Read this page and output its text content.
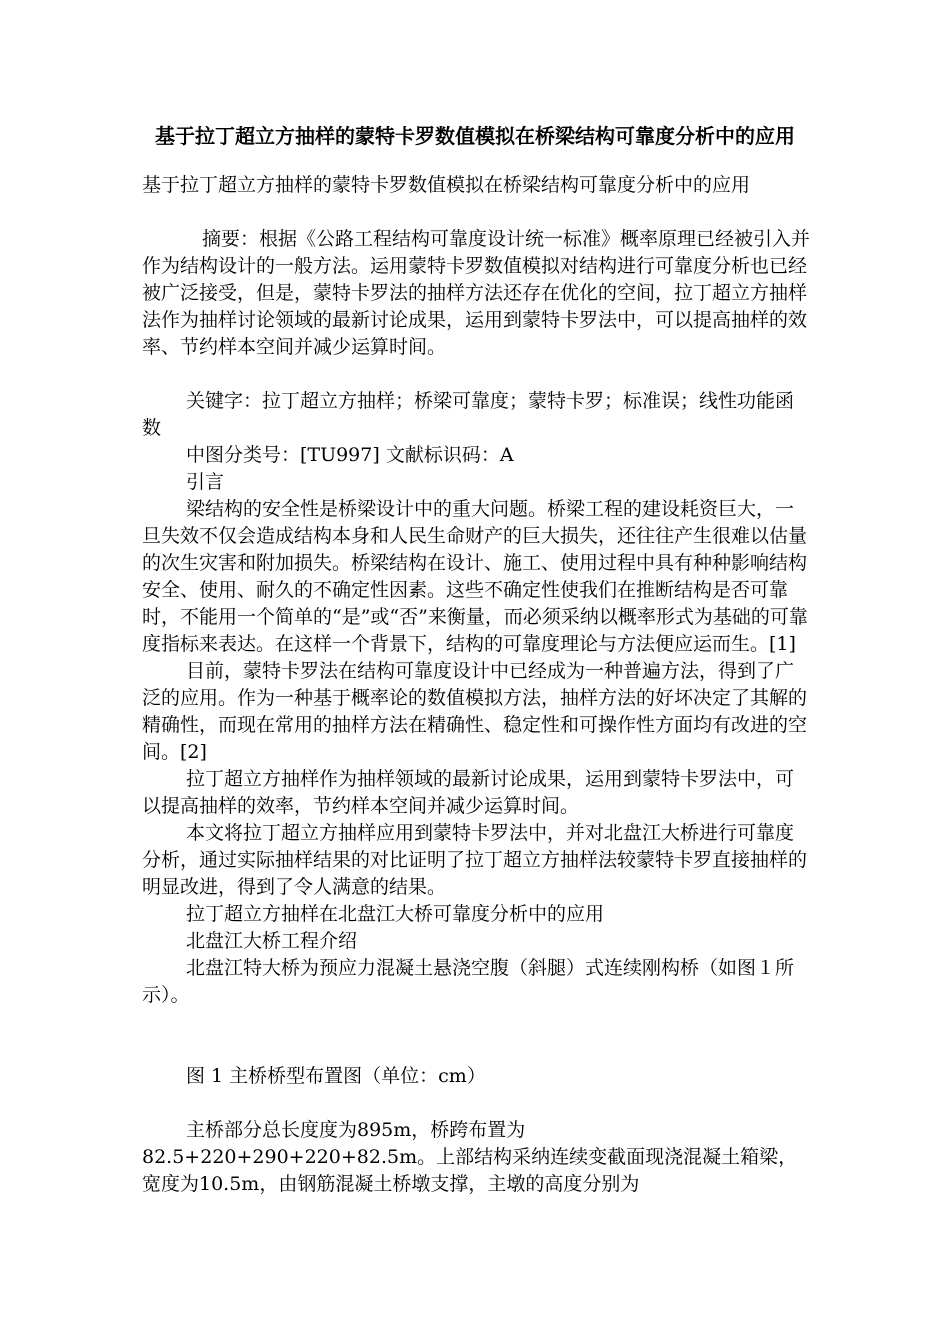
基于拉丁超立方抽样的蒙特卡罗数值模拟在桥梁结构可靠度分析中的应用

基于拉丁超立方抽样的蒙特卡罗数值模拟在桥梁结构可靠度分析中的应用

摘要：根据《公路工程结构可靠度设计统一标准》概率原理已经被引入并作为结构设计的一般方法。运用蒙特卡罗数值模拟对结构进行可靠度分析也已经被广泛接受，但是，蒙特卡罗法的抽样方法还存在优化的空间，拉丁超立方抽样法作为抽样讨论领域的最新讨论成果，运用到蒙特卡罗法中，可以提高抽样的效率、节约样本空间并减少运算时间。

关键字：拉丁超立方抽样；桥梁可靠度；蒙特卡罗；标准误；线性功能函数

中图分类号：[TU997] 文献标识码：A

引言

梁结构的安全性是桥梁设计中的重大问题。桥梁工程的建设耗资巨大，一旦失效不仅会造成结构本身和人民生命财产的巨大损失，还往往产生很难以估量的次生灾害和附加损失。桥梁结构在设计、施工、使用过程中具有种种影响结构安全、使用、耐久的不确定性因素。这些不确定性使我们在推断结构是否可靠时，不能用一个简单的“是”或“否”来衡量，而必须采纳以概率形式为基础的可靠度指标来表达。在这样一个背景下，结构的可靠度理论与方法便应运而生。[1]

目前，蒙特卡罗法在结构可靠度设计中已经成为一种普遍方法，得到了广泛的应用。作为一种基于概率论的数值模拟方法，抽样方法的好坏决定了其解的精确性，而现在常用的抽样方法在精确性、稳定性和可操作性方面均有改进的空间。[2]

拉丁超立方抽样作为抽样领域的最新讨论成果，运用到蒙特卡罗法中，可以提高抽样的效率，节约样本空间并减少运算时间。

本文将拉丁超立方抽样应用到蒙特卡罗法中，并对北盘江大桥进行可靠度分析，通过实际抽样结果的对比证明了拉丁超立方抽样法较蒙特卡罗直接抽样的明显改进，得到了令人满意的结果。

拉丁超立方抽样在北盘江大桥可靠度分析中的应用

北盘江大桥工程介绍

北盘江特大桥为预应力混凝土悬浇空腹（斜腿）式连续刚构桥（如图１所示）。

图 1 主桥桥型布置图（单位：cm）

主桥部分总长度度为895m，桥跨布置为

82.5+220+290+220+82.5m。上部结构采纳连续变截面现浇混凝土箱梁，宽度为10.5m，由钢筋混凝土桥墩支撑，主墩的高度分别为
